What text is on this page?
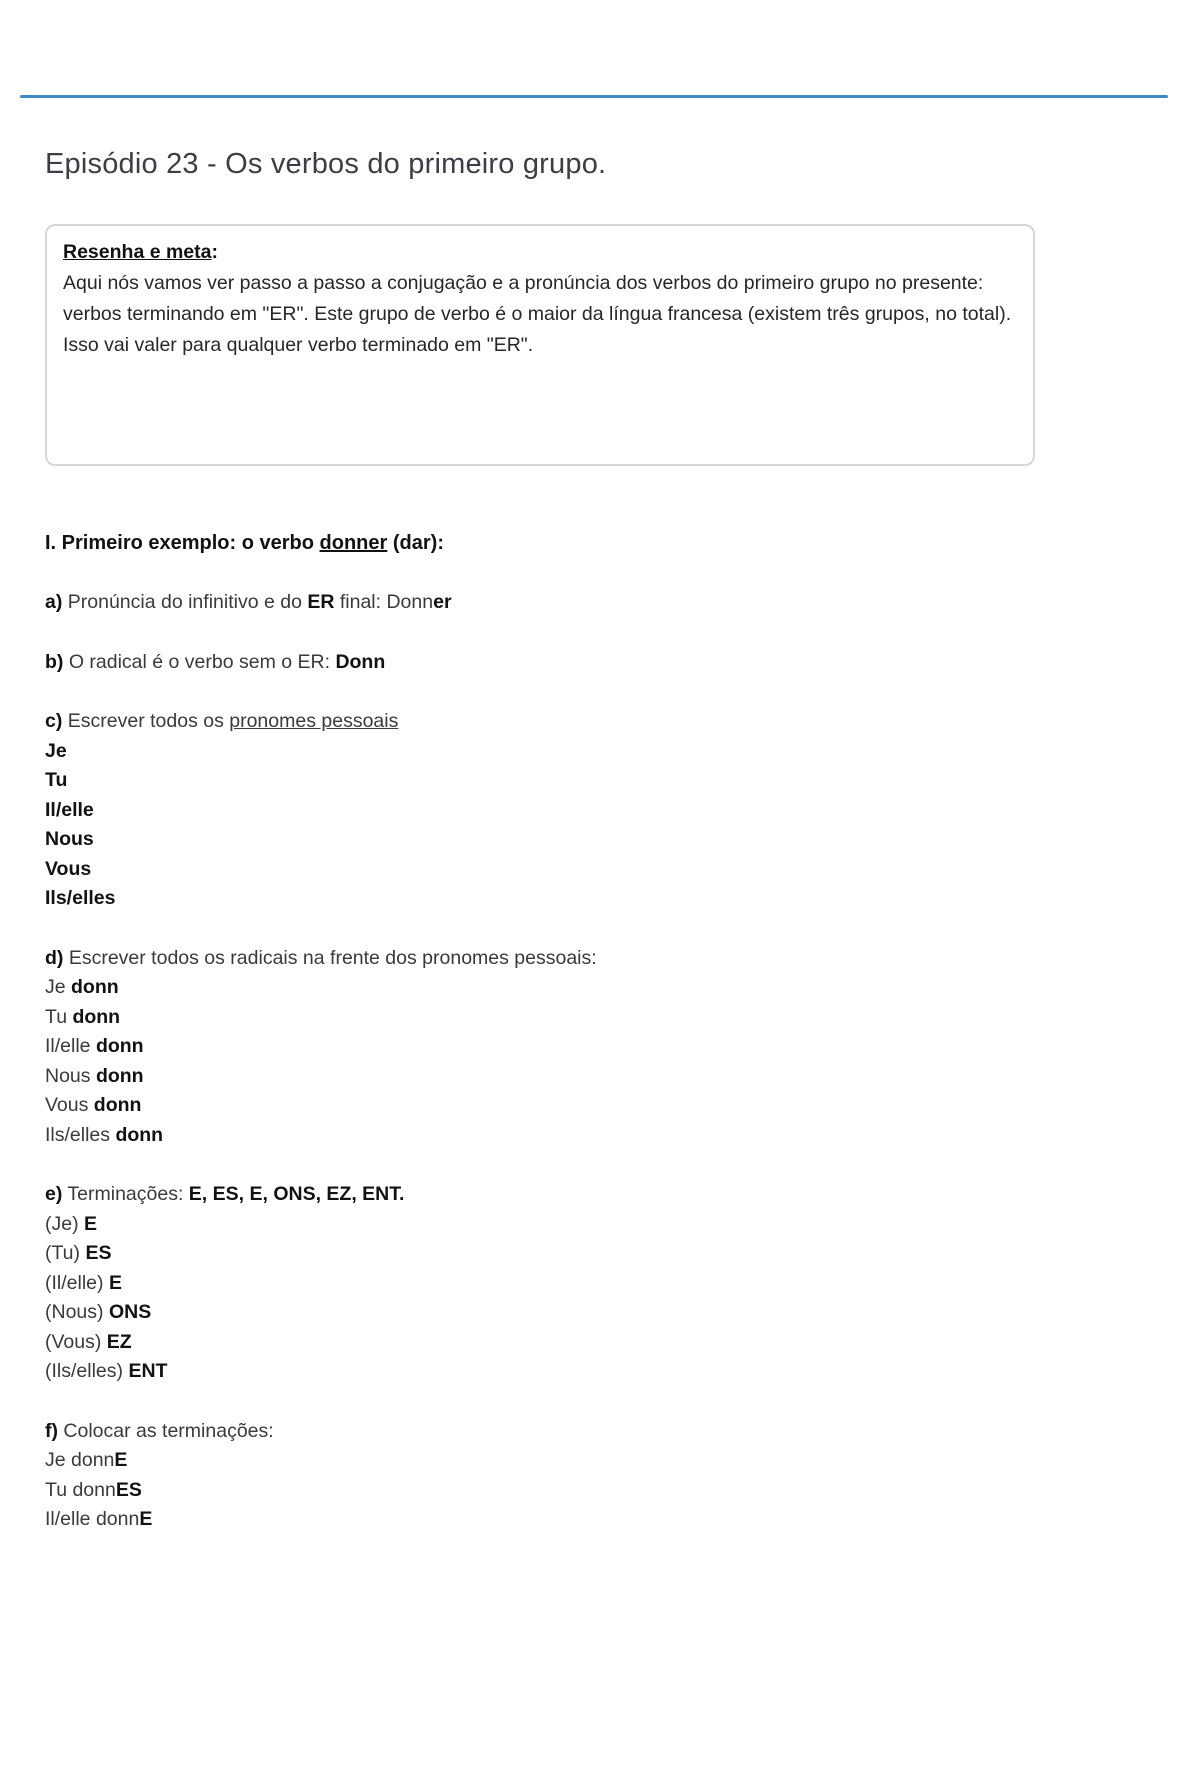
Episódio 23 - Os verbos do primeiro grupo.

Resenha e meta:

Aqui nós vamos ver passo a passo a conjugação e a pronúncia dos verbos do primeiro grupo no presente: verbos terminando em "ER". Este grupo de verbo é o maior da língua francesa (existem três grupos, no total). Isso vai valer para qualquer verbo terminado em "ER".

I. Primeiro exemplo: o verbo donner (dar):

a) Pronúncia do infinitivo e do ER final: Donner

b) O radical é o verbo sem o ER: Donn

c) Escrever todos os pronomes pessoais

Je
Tu
Il/elle
Nous
Vous
Ils/elles

d) Escrever todos os radicais na frente dos pronomes pessoais:

Je donn
Tu donn
Il/elle donn
Nous donn
Vous donn
Ils/elles donn

e) Terminações: E, ES, E, ONS, EZ, ENT.

(Je) E
(Tu) ES
(Il/elle) E
(Nous) ONS
(Vous) EZ
(Ils/elles) ENT

f) Colocar as terminações:

Je donnE
Tu donnES
Il/elle donnE
